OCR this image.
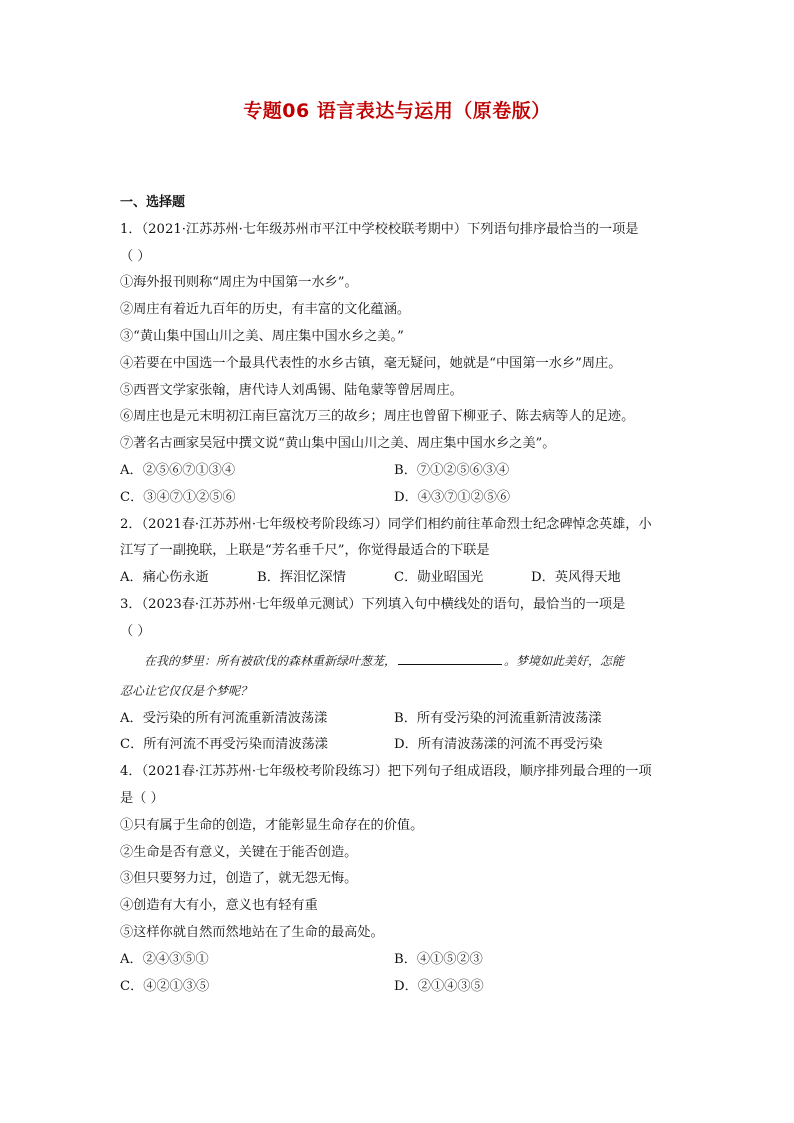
专题06 语言表达与运用（原卷版）
一、选择题
1．（2021·江苏苏州·七年级苏州市平江中学校校联考期中）下列语句排序最恰当的一项是
（ ）
①海外报刊则称“周庄为中国第一水乡”。
②周庄有着近九百年的历史，有丰富的文化蕴涵。
③“黄山集中国山川之美、周庄集中国水乡之美。”
④若要在中国选一个最具代表性的水乡古镇，毫无疑问，她就是“中国第一水乡”周庄。
⑤西晋文学家张翰，唐代诗人刘禹锡、陆龟蒙等曾居周庄。
⑥周庄也是元末明初江南巨富沈万三的故乡；周庄也曾留下柳亚子、陈去病等人的足迹。
⑦著名古画家吴冠中撰文说“黄山集中国山川之美、周庄集中国水乡之美”。
A．②⑤⑥⑦①③④	B．⑦①②⑤⑥③④
C．③④⑦①②⑤⑥	D．④③⑦①②⑤⑥
2．（2021春·江苏苏州·七年级校考阶段练习）同学们相约前往革命烈士纪念碑悼念英雄，小
江写了一副挽联，上联是“芳名垂千尺”，你觉得最适合的下联是
A．痛心伤永逝	B．挥泪忆深情	C．勋业昭国光	D．英风得天地
3．（2023春·江苏苏州·七年级单元测试）下列填入句中横线处的语句，最恰当的一项是
（ ）
  在我的梦里：所有被砍伐的森林重新绿叶葱茏，	。梦境如此美好，怎能
忍心让它仅仅是个梦呢？
A．受污染的所有河流重新清波荡漾	B．所有受污染的河流重新清波荡漾
C．所有河流不再受污染而清波荡漾	D．所有清波荡漾的河流不再受污染
4．（2021春·江苏苏州·七年级校考阶段练习）把下列句子组成语段，顺序排列最合理的一项
是（ ）
①只有属于生命的创造，才能彰显生命存在的价值。
②生命是否有意义，关键在于能否创造。
③但只要努力过，创造了，就无怨无悔。
④创造有大有小，意义也有轻有重
⑤这样你就自然而然地站在了生命的最高处。
A．②④③⑤①	B．④①⑤②③
C．④②①③⑤	D．②①④③⑤
